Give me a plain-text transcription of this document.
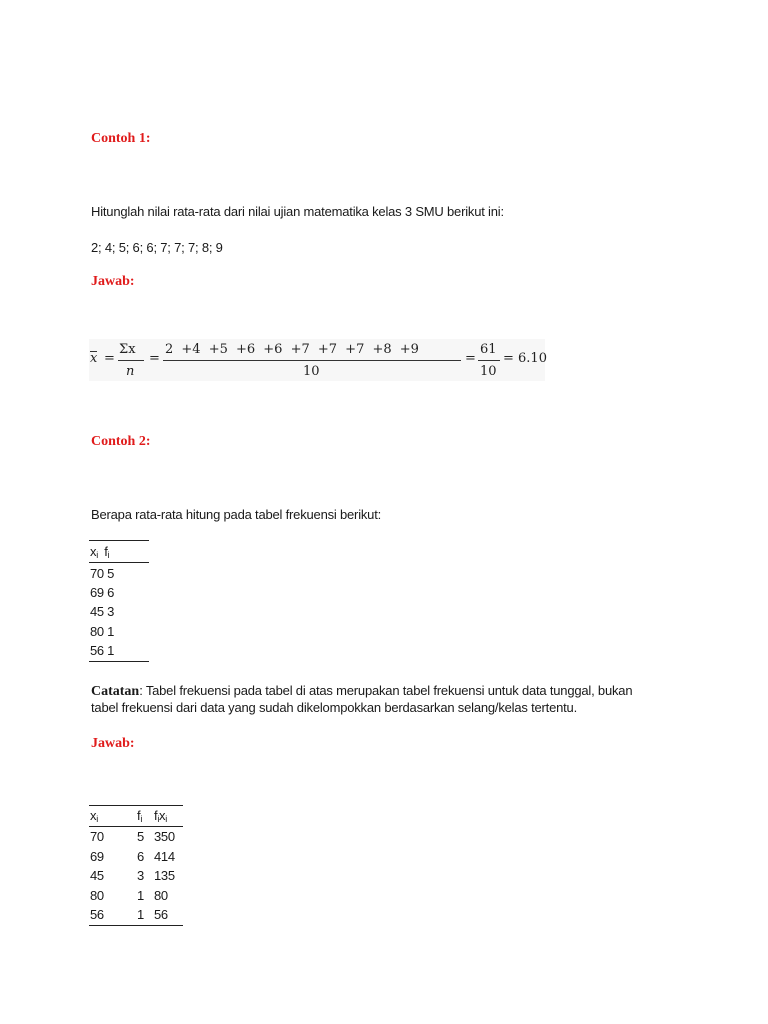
Contoh 1:
Hitunglah nilai rata-rata dari nilai ujian matematika kelas 3 SMU berikut ini:
2; 4; 5; 6; 6; 7; 7; 7; 8; 9
Jawab:
x =
Σx
n
=
2 +4 +5 +6 +6 +7 +7 +7 +8 +9
10
=
61
10
= 6.10
Contoh 2:
Berapa rata-rata hitung pada tabel frekuensi berikut:
$x_i$ $f_i$
70 5
69 6
45 3
80 1
56 1
Catatan: Tabel frekuensi pada tabel di atas merupakan tabel frekuensi untuk data tunggal, bukan
tabel frekuensi dari data yang sudah dikelompokkan berdasarkan selang/kelas tertentu.
Jawab:
$x_i$	$f_i$ $f_ix_i$
70	5 350
69	6 414
45	3 135
80	1 80
56	1 56
